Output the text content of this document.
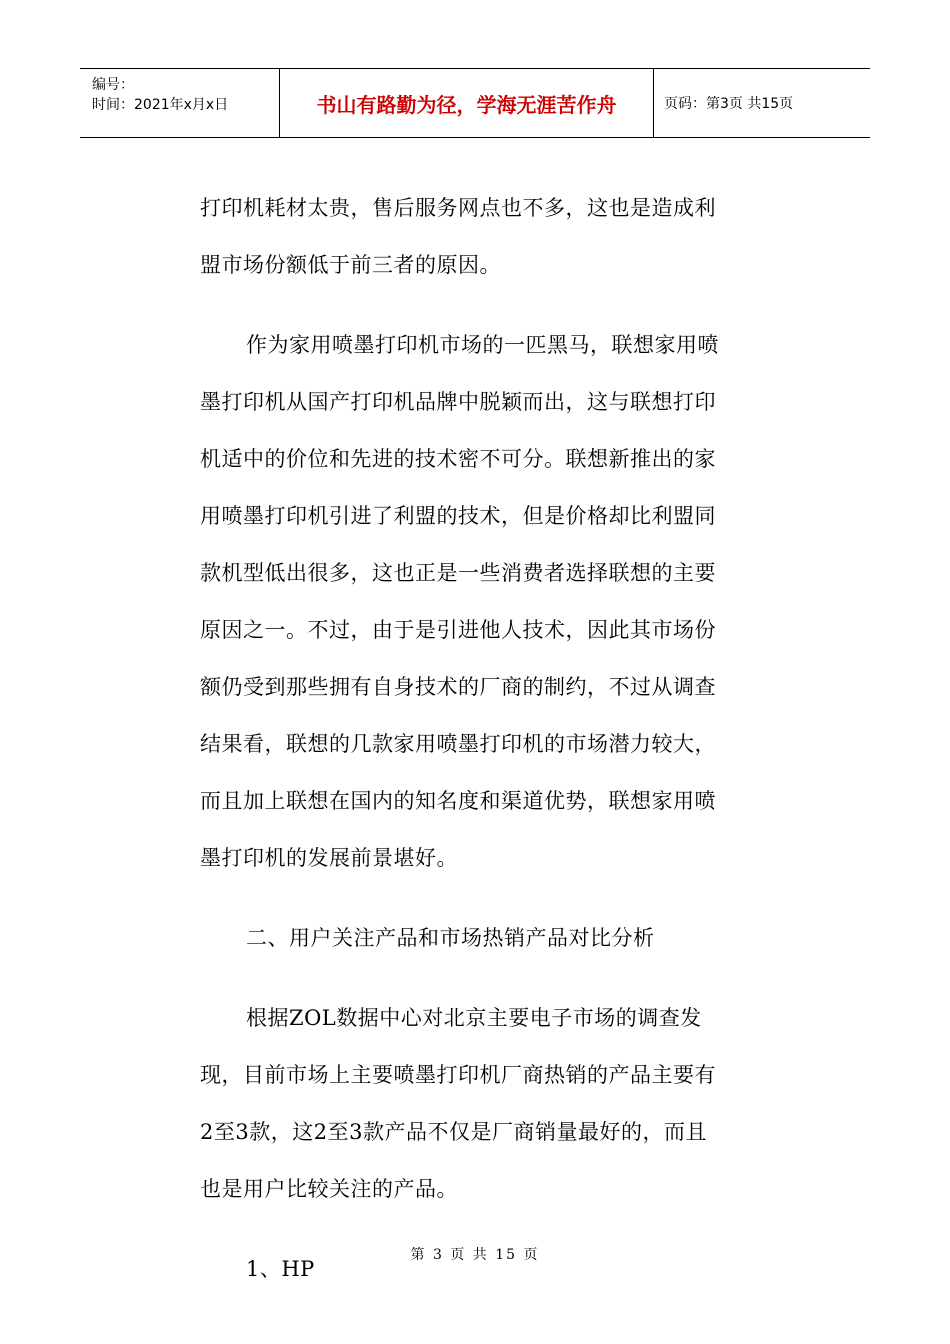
编号：
时间：2021年x月x日	书山有路勤为径，学海无涯苦作舟	页码：第3页 共15页
打印机耗材太贵，售后服务网点也不多，这也是造成利
盟市场份额低于前三者的原因。
作为家用喷墨打印机市场的一匹黑马，联想家用喷
墨打印机从国产打印机品牌中脱颖而出，这与联想打印
机适中的价位和先进的技术密不可分。联想新推出的家
用喷墨打印机引进了利盟的技术，但是价格却比利盟同
款机型低出很多，这也正是一些消费者选择联想的主要
原因之一。不过，由于是引进他人技术，因此其市场份
额仍受到那些拥有自身技术的厂商的制约，不过从调查
结果看，联想的几款家用喷墨打印机的市场潜力较大，
而且加上联想在国内的知名度和渠道优势，联想家用喷
墨打印机的发展前景堪好。
二、用户关注产品和市场热销产品对比分析
根据ZOL数据中心对北京主要电子市场的调查发
现，目前市场上主要喷墨打印机厂商热销的产品主要有
2至3款，这2至3款产品不仅是厂商销量最好的，而且
也是用户比较关注的产品。
1、HP
第 3 页 共 15 页
